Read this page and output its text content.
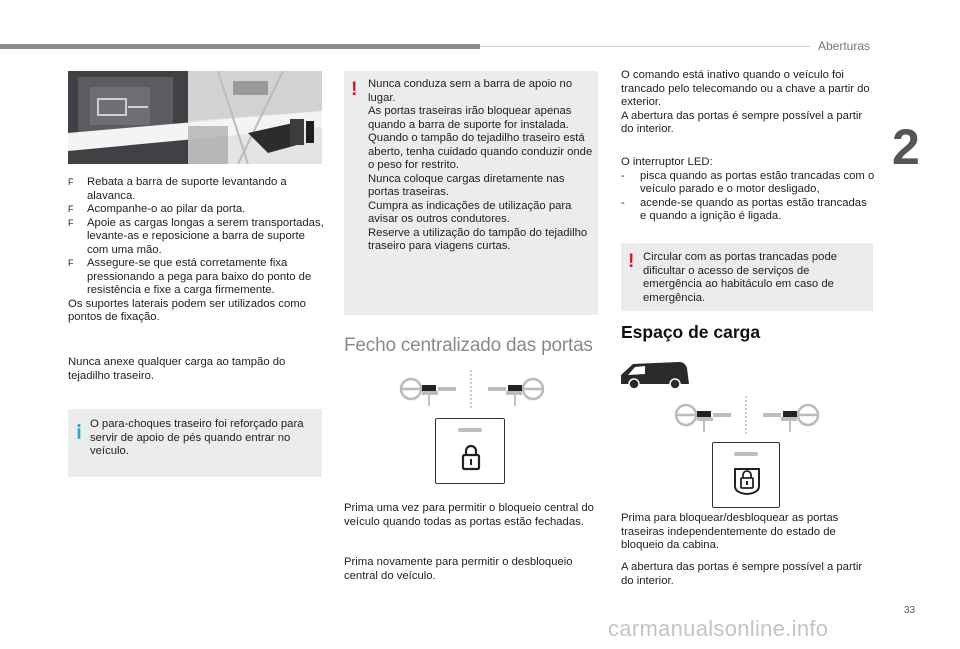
Aberturas
2
F Rebata a barra de suporte levantando a alavanca.
F Acompanhe-o ao pilar da porta.
F Apoie as cargas longas a serem transportadas, levante-as e reposicione a barra de suporte com uma mão.
F Assegure-se que está corretamente fixa pressionando a pega para baixo do ponto de resistência e fixe a carga firmemente.
Os suportes laterais podem ser utilizados como pontos de fixação.
Nunca anexe qualquer carga ao tampão do tejadilho traseiro.
O para-choques traseiro foi reforçado para servir de apoio de pés quando entrar no veículo.
! Nunca conduza sem a barra de apoio no lugar.
As portas traseiras irão bloquear apenas quando a barra de suporte for instalada.
Quando o tampão do tejadilho traseiro está aberto, tenha cuidado quando conduzir onde o peso for restrito.
Nunca coloque cargas diretamente nas portas traseiras.
Cumpra as indicações de utilização para avisar os outros condutores.
Reserve a utilização do tampão do tejadilho traseiro para viagens curtas.
Fecho centralizado das portas
Prima uma vez para permitir o bloqueio central do veículo quando todas as portas estão fechadas.
Prima novamente para permitir o desbloqueio central do veículo.
O comando está inativo quando o veículo foi trancado pelo telecomando ou a chave a partir do exterior.
A abertura das portas é sempre possível a partir do interior.
O interruptor LED:
- pisca quando as portas estão trancadas com o veículo parado e o motor desligado,
- acende-se quando as portas estão trancadas e quando a ignição é ligada.
! Circular com as portas trancadas pode dificultar o acesso de serviços de emergência ao habitáculo em caso de emergência.
Espaço de carga
Prima para bloquear/desbloquear as portas traseiras independentemente do estado de bloqueio da cabina.
A abertura das portas é sempre possível a partir do interior.
33
carmanualsonline.info
